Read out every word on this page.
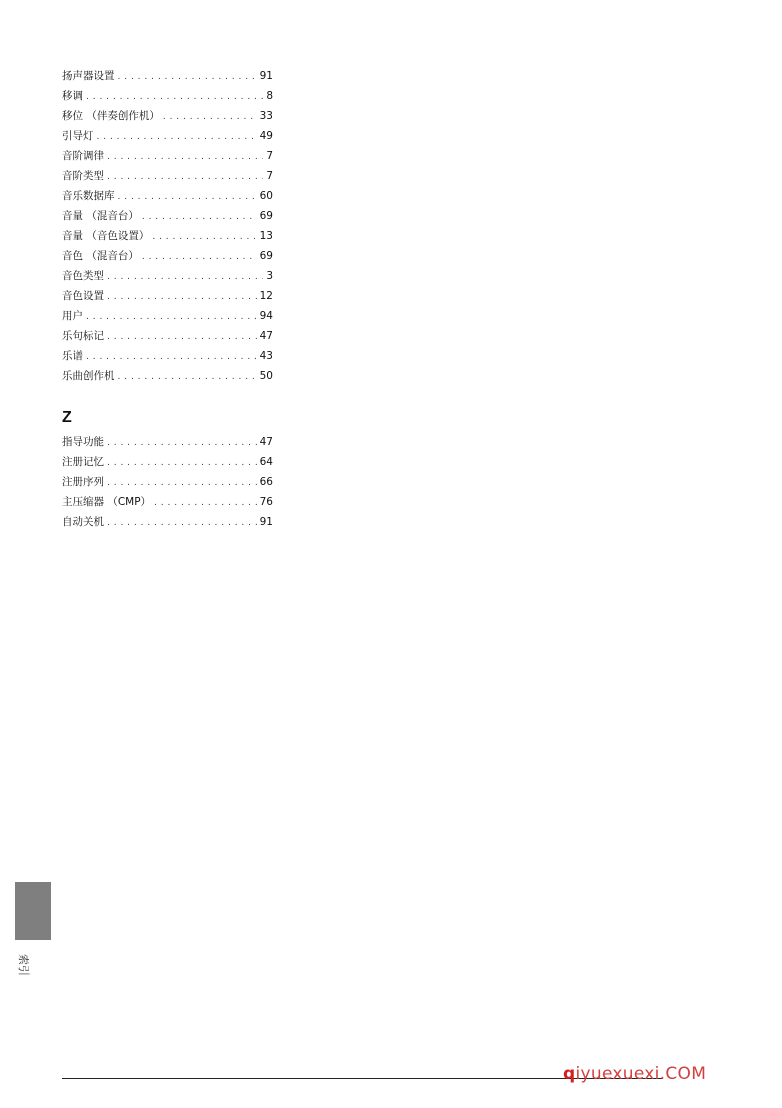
扬声器设置 . . .	91
移调 . . .	8
移位 （伴奏创作机） . . .	33
引导灯 . . .	49
音阶调律 . . .	7
音阶类型 . . .	7
音乐数据库 . . .	60
音量 （混音台） . . .	69
音量 （音色设置） . . .	13
音色 （混音台） . . .	69
音色类型 . . .	3
音色设置 . . .	12
用户 . . .	94
乐句标记 . . .	47
乐谱 . . .	43
乐曲创作机 . . .	50
Z
指导功能 . . .	47
注册记忆 . . .	64
注册序列 . . .	66
主压缩器 （CMP） . . .	76
自动关机 . . .	91
索引
qiyuexuexi.COM
